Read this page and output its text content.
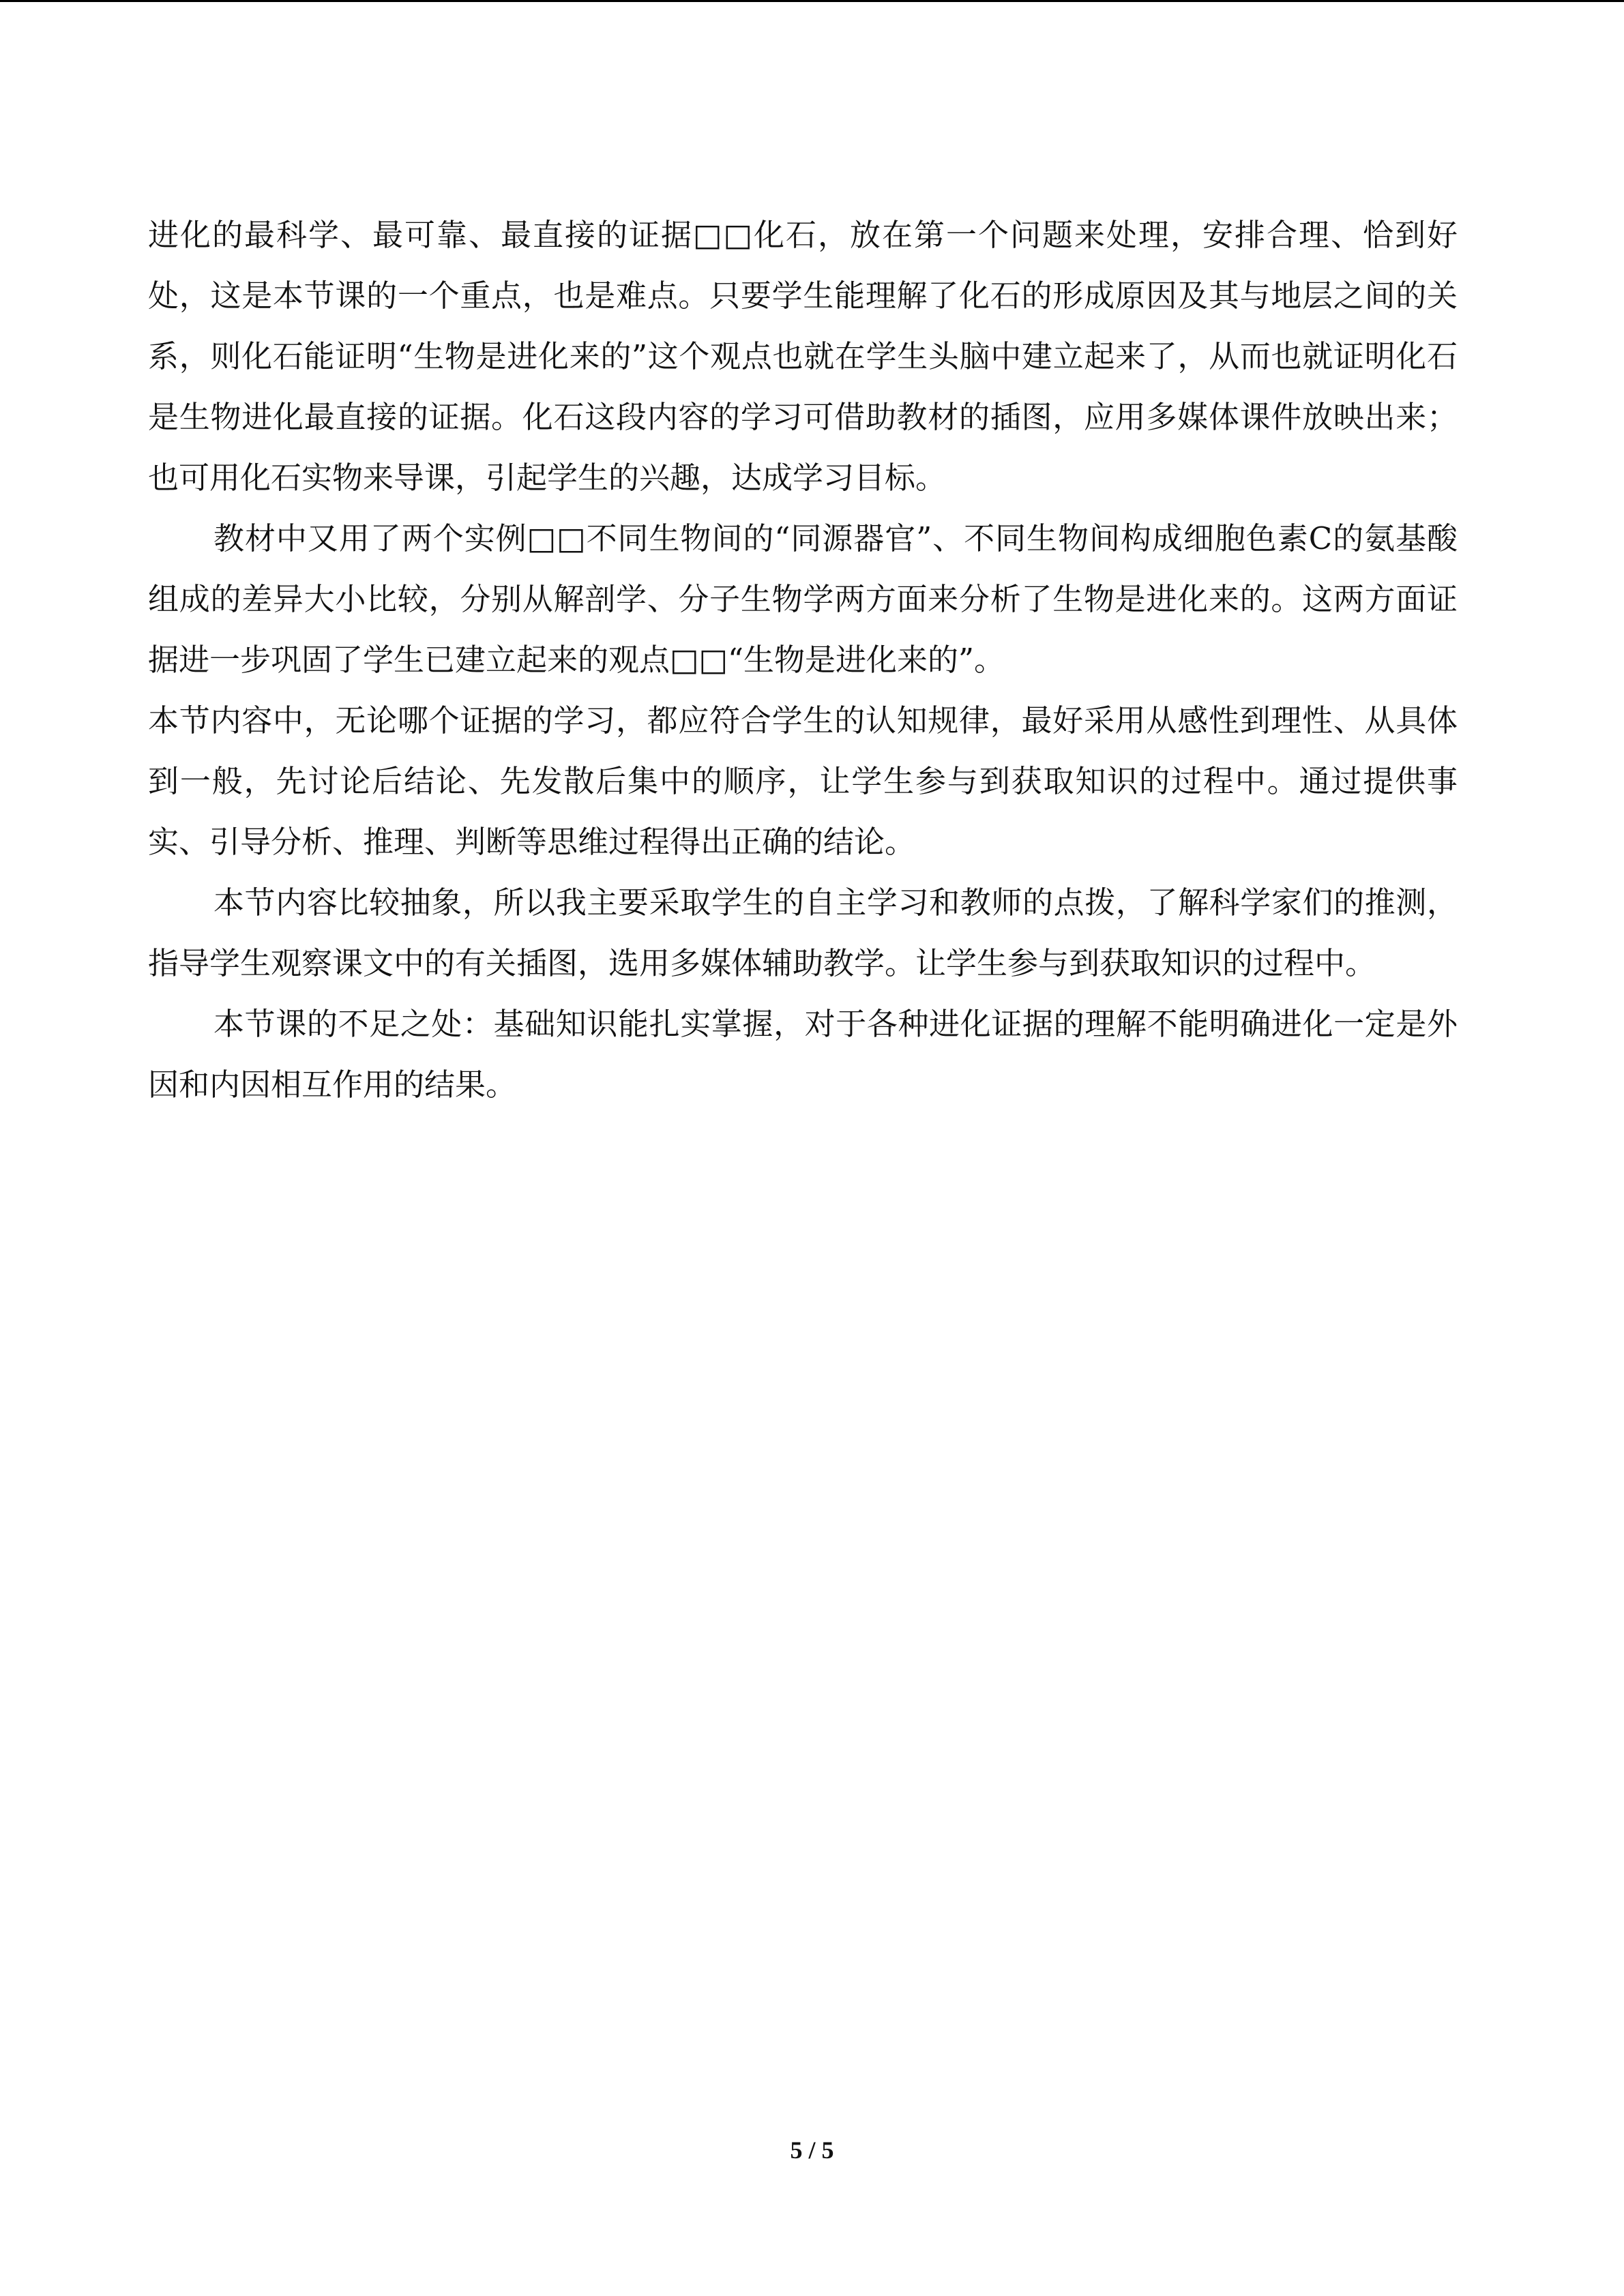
进化的最科学、最可靠、最直接的证据□□化石，放在第一个问题来处理，安排合理、恰到好处，这是本节课的一个重点，也是难点。只要学生能理解了化石的形成原因及其与地层之间的关系，则化石能证明“生物是进化来的”这个观点也就在学生头脑中建立起来了，从而也就证明化石是生物进化最直接的证据。化石这段内容的学习可借助教材的插图，应用多媒体课件放映出来；也可用化石实物来导课，引起学生的兴趣，达成学习目标。

教材中又用了两个实例□□不同生物间的“同源器官”、不同生物间构成细胞色素C的氨基酸组成的差异大小比较，分别从解剖学、分子生物学两方面来分析了生物是进化来的。这两方面证据进一步巩固了学生已建立起来的观点□□“生物是进化来的”。

本节内容中，无论哪个证据的学习，都应符合学生的认知规律，最好采用从感性到理性、从具体到一般，先讨论后结论、先发散后集中的顺序，让学生参与到获取知识的过程中。通过提供事实、引导分析、推理、判断等思维过程得出正确的结论。

本节内容比较抽象，所以我主要采取学生的自主学习和教师的点拨，了解科学家们的推测，指导学生观察课文中的有关插图，选用多媒体辅助教学。让学生参与到获取知识的过程中。

本节课的不足之处：基础知识能扎实掌握，对于各种进化证据的理解不能明确进化一定是外因和内因相互作用的结果。

5 / 5
